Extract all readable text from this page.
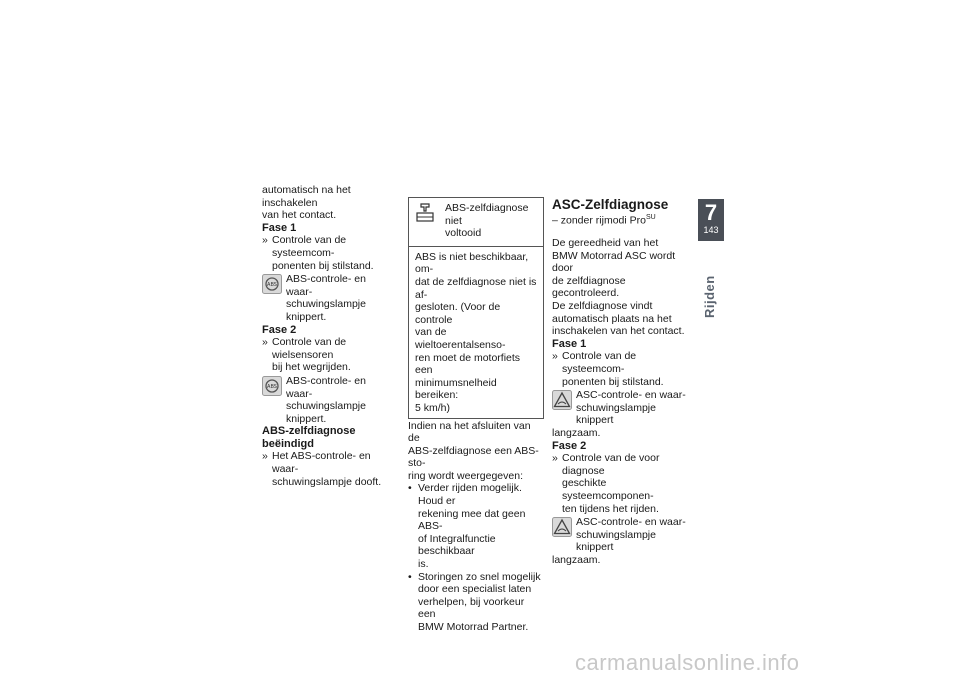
automatisch na het inschakelen

van het contact.

Fase 1

» Controle van de systeemcom-
ponenten bij stilstand.
ABS ABS-controle- en waar-
schuwingslampje knippert.

Fase 2

» Controle van de wielsensoren
bij het wegrijden.
ABS ABS-controle- en waar-
schuwingslampje knippert.

ABS-zelfdiagnose beëindigd

» Het ABS-controle- en waar-
schuwingslampje dooft.
ABS-zelfdiagnose niet
voltooid
ABS is niet beschikbaar, om-
dat de zelfdiagnose niet is af-
gesloten. (Voor de controle
van de wieltoerentalsenso-
ren moet de motorfiets een
minimumsnelheid bereiken:
5 km/h)

Indien na het afsluiten van de
ABS-zelfdiagnose een ABS-sto-
ring wordt weergegeven:

• Verder rijden mogelijk. Houd er
rekening mee dat geen ABS-
of Integralfunctie beschikbaar
is.
• Storingen zo snel mogelijk
door een specialist laten
verhelpen, bij voorkeur een
BMW Motorrad Partner.

ASC-Zelfdiagnose

– zonder rijmodi Pro$^{SU}$

De gereedheid van het
BMW Motorrad ASC wordt door
de zelfdiagnose gecontroleerd.
De zelfdiagnose vindt
automatisch plaats na het
inschakelen van het contact.

Fase 1

» Controle van de systeemcom-
ponenten bij stilstand.
ASC-controle- en waar-
schuwingslampje knippert

langzaam.

Fase 2

» Controle van de voor diagnose
geschikte systeemcomponen-
ten tijdens het rijden.
ASC-controle- en waar-
schuwingslampje knippert

langzaam.

7
143
Rijden
carmanualsonline.info
